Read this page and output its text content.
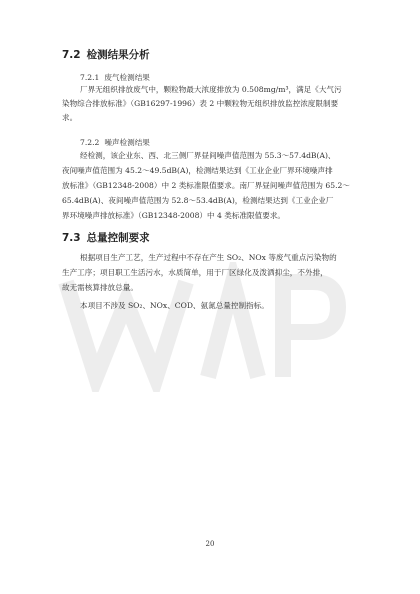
7.2 检测结果分析
7.2.1 废气检测结果
厂界无组织排放废气中，颗粒物最大浓度排放为 0.508mg/m³，满足《大气污
染物综合排放标准》（GB16297-1996）表 2 中颗粒物无组织排放监控浓度限制要
求。
7.2.2 噪声检测结果
经检测，该企业东、西、北三侧厂界昼间噪声值范围为 55.3～57.4dB(A)、
夜间噪声值范围为 45.2～49.5dB(A)，检测结果达到《工业企业厂界环境噪声排
放标准》（GB12348-2008）中 2 类标准限值要求。南厂界昼间噪声值范围为 65.2～
65.4dB(A)、夜间噪声值范围为 52.8～53.4dB(A)，检测结果达到《工业企业厂
界环境噪声排放标准》（GB12348-2008）中 4 类标准限值要求。
7.3 总量控制要求
根据项目生产工艺，生产过程中不存在产生 SO₂、NOx 等废气重点污染物的
生产工序；项目职工生活污水，水质简单，用于厂区绿化及泼洒抑尘，不外排，
故无需核算排放总量。
本项目不涉及 SO₂、NOx、COD、氨氮总量控制指标。
20
